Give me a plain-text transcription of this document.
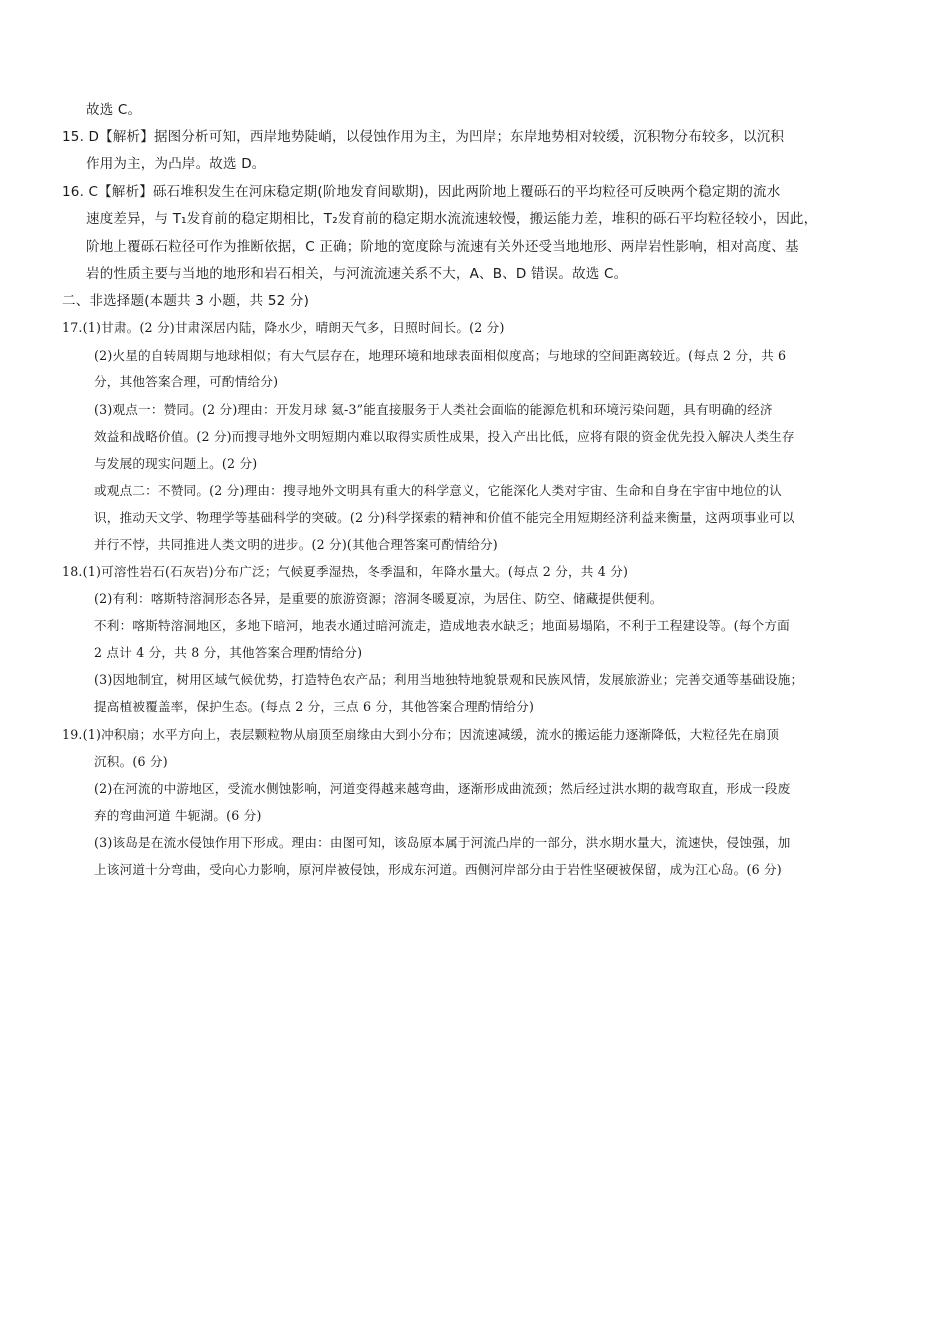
故选 C。
15. D【解析】据图分析可知，西岸地势陡峭，以侵蚀作用为主，为凹岸；东岸地势相对较缓，沉积物分布较多，以沉积
作用为主，为凸岸。故选 D。
16. C【解析】砾石堆积发生在河床稳定期(阶地发育间歇期)，因此两阶地上覆砾石的平均粒径可反映两个稳定期的流水
速度差异，与 T₁发育前的稳定期相比，T₂发育前的稳定期水流流速较慢，搬运能力差，堆积的砾石平均粒径较小，因此，
阶地上覆砾石粒径可作为推断依据，C 正确；阶地的宽度除与流速有关外还受当地地形、两岸岩性影响，相对高度、基
岩的性质主要与当地的地形和岩石相关，与河流流速关系不大，A、B、D 错误。故选 C。
二、非选择题(本题共 3 小题，共 52 分)
17.(1)甘肃。(2 分)甘肃深居内陆，降水少，晴朗天气多，日照时间长。(2 分)
(2)火星的自转周期与地球相似；有大气层存在，地理环境和地球表面相似度高；与地球的空间距离较近。(每点 2 分，共 6
分，其他答案合理，可酌情给分)
(3)观点一：赞同。(2 分)理由：开发月球 氦-3”能直接服务于人类社会面临的能源危机和环境污染问题，具有明确的经济
效益和战略价值。(2 分)而搜寻地外文明短期内难以取得实质性成果，投入产出比低，应将有限的资金优先投入解决人类生存
与发展的现实问题上。(2 分)
或观点二：不赞同。(2 分)理由：搜寻地外文明具有重大的科学意义，它能深化人类对宇宙、生命和自身在宇宙中地位的认
识，推动天文学、物理学等基础科学的突破。(2 分)科学探索的精神和价值不能完全用短期经济利益来衡量，这两项事业可以
并行不悖，共同推进人类文明的进步。(2 分)(其他合理答案可酌情给分)
18.(1)可溶性岩石(石灰岩)分布广泛；气候夏季湿热，冬季温和，年降水量大。(每点 2 分，共 4 分)
(2)有利：喀斯特溶洞形态各异，是重要的旅游资源；溶洞冬暖夏凉，为居住、防空、储藏提供便利。
不利：喀斯特溶洞地区，多地下暗河，地表水通过暗河流走，造成地表水缺乏；地面易塌陷，不利于工程建设等。(每个方面
2 点计 4 分，共 8 分，其他答案合理酌情给分)
(3)因地制宜，树用区域气候优势，打造特色农产品；利用当地独特地貌景观和民族风情，发展旅游业；完善交通等基础设施；
提高植被覆盖率，保护生态。(每点 2 分，三点 6 分，其他答案合理酌情给分)
19.(1)冲积扇；水平方向上，表层颗粒物从扇顶至扇缘由大到小分布；因流速减缓，流水的搬运能力逐渐降低，大粒径先在扇顶
沉积。(6 分)
(2)在河流的中游地区，受流水侧蚀影响，河道变得越来越弯曲，逐渐形成曲流颈；然后经过洪水期的裁弯取直，形成一段废
弃的弯曲河道 牛轭湖。(6 分)
(3)该岛是在流水侵蚀作用下形成。理由：由图可知，该岛原本属于河流凸岸的一部分，洪水期水量大，流速快，侵蚀强，加
上该河道十分弯曲，受向心力影响，原河岸被侵蚀，形成东河道。西侧河岸部分由于岩性坚硬被保留，成为江心岛。(6 分)
